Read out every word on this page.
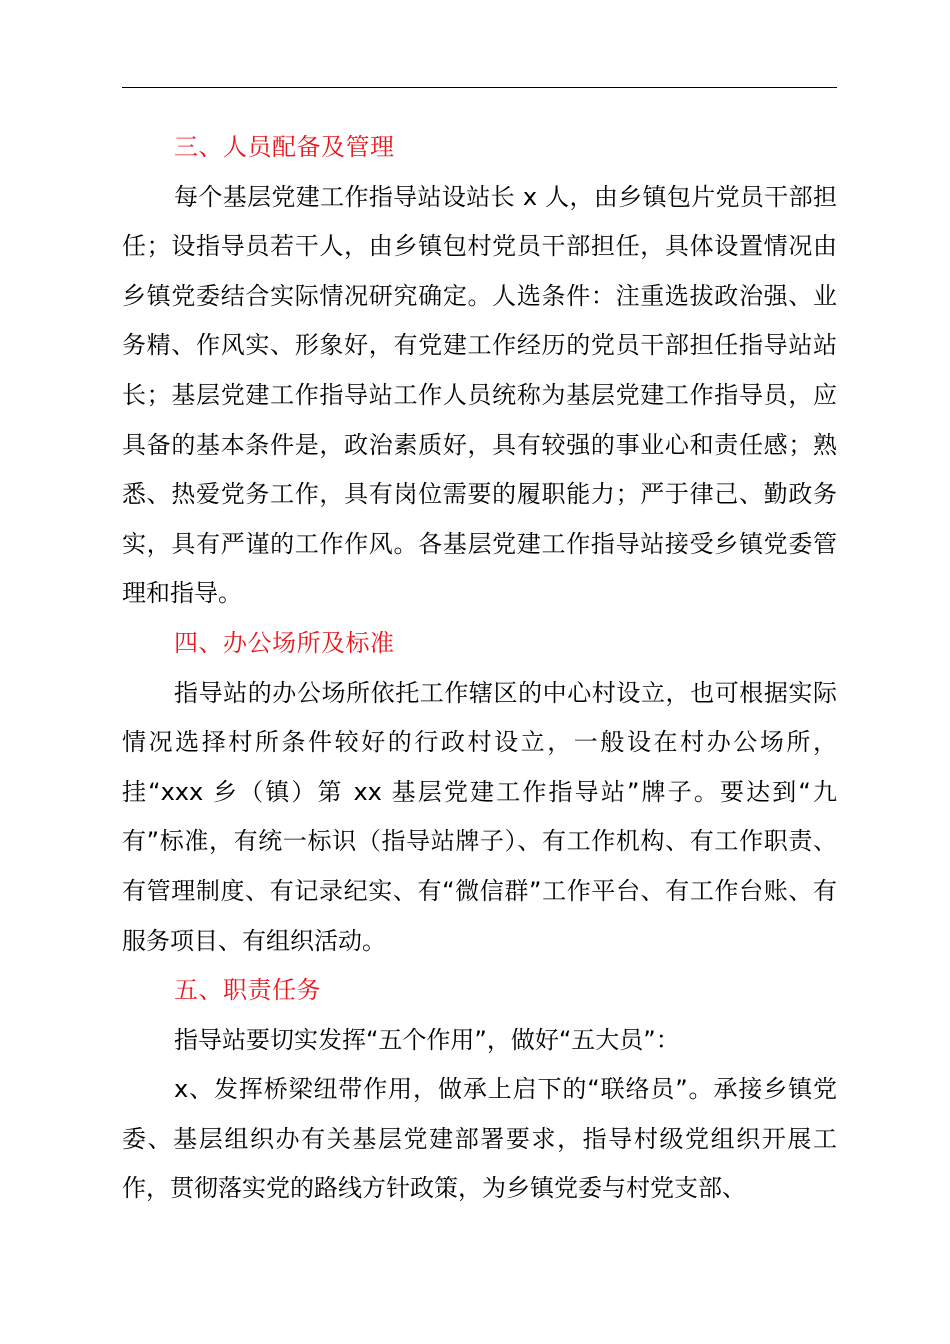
三、人员配备及管理

每个基层党建工作指导站设站长 x 人，由乡镇包片党员干部担任；设指导员若干人，由乡镇包村党员干部担任，具体设置情况由乡镇党委结合实际情况研究确定。人选条件：注重选拔政治强、业务精、作风实、形象好，有党建工作经历的党员干部担任指导站站长；基层党建工作指导站工作人员统称为基层党建工作指导员，应具备的基本条件是，政治素质好，具有较强的事业心和责任感；熟悉、热爱党务工作，具有岗位需要的履职能力；严于律己、勤政务实，具有严谨的工作作风。各基层党建工作指导站接受乡镇党委管理和指导。

四、办公场所及标准

指导站的办公场所依托工作辖区的中心村设立，也可根据实际情况选择村所条件较好的行政村设立，一般设在村办公场所，挂“xxx 乡（镇）第 xx 基层党建工作指导站”牌子。要达到“九有”标准，有统一标识（指导站牌子）、有工作机构、有工作职责、有管理制度、有记录纪实、有“微信群”工作平台、有工作台账、有服务项目、有组织活动。

五、职责任务

指导站要切实发挥“五个作用”，做好“五大员”：

x、发挥桥梁纽带作用，做承上启下的“联络员”。承接乡镇党委、基层组织办有关基层党建部署要求，指导村级党组织开展工作，贯彻落实党的路线方针政策，为乡镇党委与村党支部、
